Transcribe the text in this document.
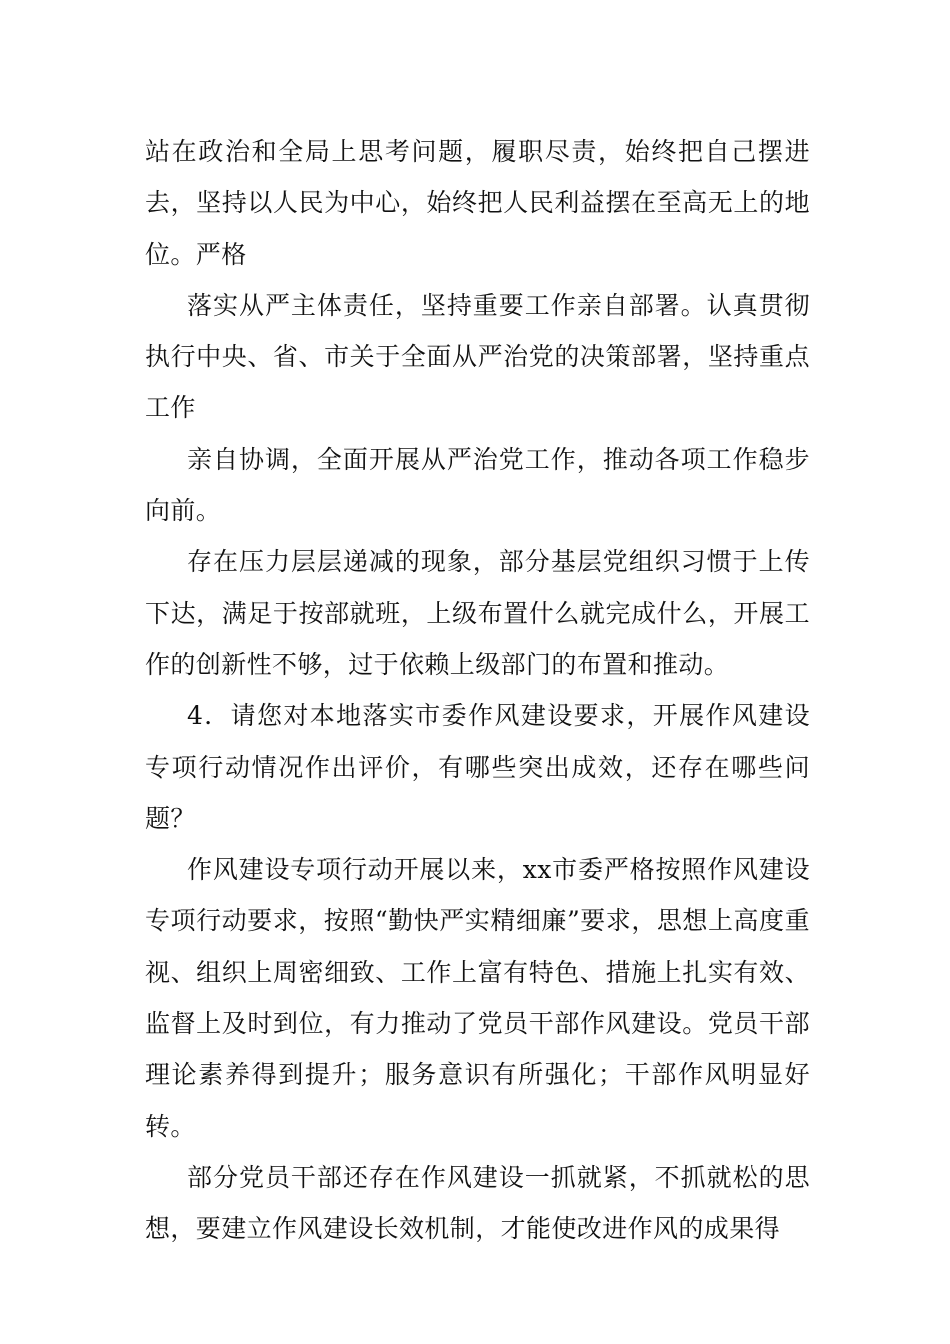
站在政治和全局上思考问题，履职尽责，始终把自己摆进去，坚持以人民为中心，始终把人民利益摆在至高无上的地位。严格

落实从严主体责任，坚持重要工作亲自部署。认真贯彻执行中央、省、市关于全面从严治党的决策部署，坚持重点工作

亲自协调，全面开展从严治党工作，推动各项工作稳步向前。

存在压力层层递减的现象，部分基层党组织习惯于上传下达，满足于按部就班，上级布置什么就完成什么，开展工作的创新性不够，过于依赖上级部门的布置和推动。

4．请您对本地落实市委作风建设要求，开展作风建设专项行动情况作出评价，有哪些突出成效，还存在哪些问题？

作风建设专项行动开展以来，xx市委严格按照作风建设专项行动要求，按照“勤快严实精细廉”要求，思想上高度重视、组织上周密细致、工作上富有特色、措施上扎实有效、监督上及时到位，有力推动了党员干部作风建设。党员干部理论素养得到提升；服务意识有所强化；干部作风明显好转。

部分党员干部还存在作风建设一抓就紧，不抓就松的思想，要建立作风建设长效机制，才能使改进作风的成果得
